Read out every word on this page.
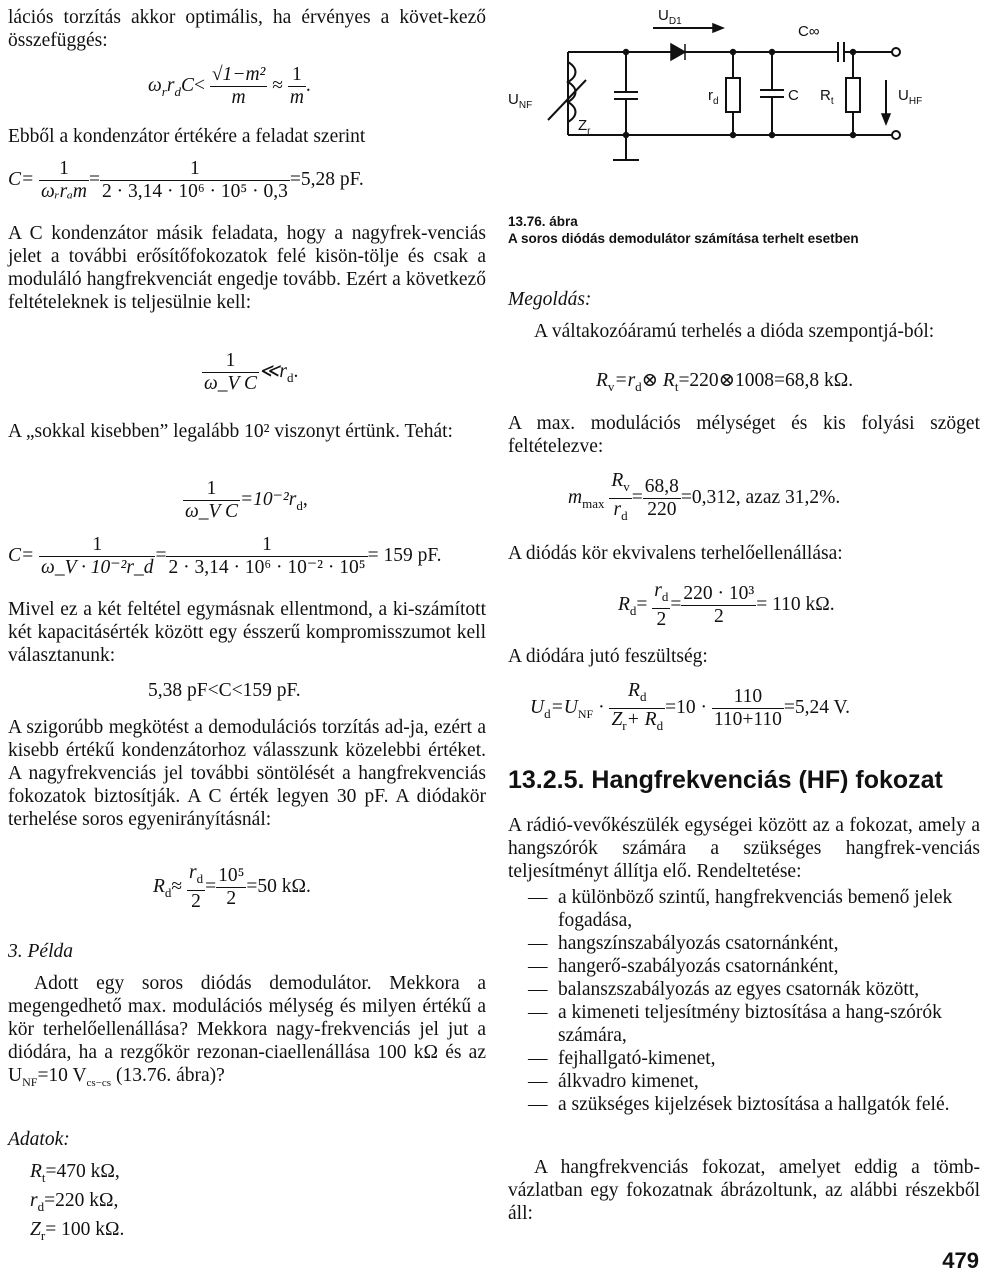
lációs torzítás akkor optimális, ha érvényes a követ-kező összefüggés:

$\omega_rr_dC< \frac{\text{√1−m²}}{m} \approx \frac{1}{m}$ .

Ebből a kondenzátor értékére a feladat szerint

$C= \frac{1}{\text{ωᵣrₐm}} = \frac{1}{\text{2 · 3,14 · 10⁶ · 10⁵ · 0,3}} =5,28$ pF.

A C kondenzátor másik feladata, hogy a nagyfrek-venciás jelet a további erősítőfokozatok felé kisön-tölje és csak a moduláló hangfrekvenciát engedje tovább. Ezért a következő feltételeknek is teljesülnie kell:

$\frac{1}{\text{ω\_V C}}$ $≪r_d$.

A „sokkal kisebben” legalább 10² viszonyt értünk. Tehát:

$\frac{1}{\text{ω\_V C}} =10^{-2}r_d$,
$C= \frac{1}{\text{ω\_V · 10⁻²r\_d}} = \frac{1}{\text{2 · 3,14 · 10⁶ · 10⁻² · 10⁵}} = 159$ pF.

Mivel ez a két feltétel egymásnak ellentmond, a ki-számított két kapacitásérték között egy ésszerű kompromisszumot kell választanunk:

5,38 pF<C<159 pF.

A szigorúbb megkötést a demodulációs torzítás ad-ja, ezért a kisebb értékű kondenzátorhoz válasszunk közelebbi értéket. A nagyfrekvenciás jel további söntölését a hangfrekvenciás fokozatok biztosítják. A C érték legyen 30 pF. A diódakör terhelése soros egyenirányításnál:

$R_d\approx \frac{r_d}{2} = \frac{\text{10⁵}}{2} =50$ kΩ.

3. Példa

Adott egy soros diódás demodulátor. Mekkora a megengedhető max. modulációs mélység és milyen értékű a kör terhelőellenállása? Mekkora nagy-frekvenciás jel jut a diódára, ha a rezgőkör rezonan-ciaellenállása 100 kΩ és az $U_{NF}=10$ $V_{cs-cs}$ (13.76. ábra)?

Adatok:

$R_t=470$ kΩ,
$r_d=220$ kΩ,
$Z_r= 100$ kΩ.
$U_{D1}$
C∞
$U_{NF}$
$Z_r$
$r_d$	C $R_t$	$U_{HF}$
13.76. ábra
A soros diódás demodulátor számítása terhelt esetben

Megoldás:

A váltakozóáramú terhelés a dióda szempontjá-ból:

$R_v=r_d\otimes$ $R_t=220\otimes 1008=68,8$ kΩ.

A max. modulációs mélységet és kis folyási szöget feltételezve:

$m_{max} \frac{R_v}{r_d} = \frac{68,8}{220} =0,312$, azaz 31,2%.

A diódás kör ekvivalens terhelőellenállása:

$R_d= \frac{r_d}{2} = \frac{\text{220 · 10³}}{2} = 110$ kΩ.

A diódára jutó feszültség:

$U_d=U_{NF} \cdot \frac{R_d}{Z_r+ R_d} =10 \cdot \frac{110}{110+110} =5,24$ V.
13.2.5. Hangfrekvenciás (HF) fokozat

A rádió-vevőkészülék egységei között az a fokozat, amely a hangszórók számára a szükséges hangfrek-venciás teljesítményt állítja elő. Rendeltetése:

— a különböző szintű, hangfrekvenciás bemenő jelek fogadása,
— hangszínszabályozás csatornánként,
— hangerő-szabályozás csatornánként,
— balanszszabályozás az egyes csatornák között,
— a kimeneti teljesítmény biztosítása a hang-szórók számára,
— fejhallgató-kimenet,
— álkvadro kimenet,
— a szükséges kijelzések biztosítása a hallgatók felé.

A hangfrekvenciás fokozat, amelyet eddig a tömb-vázlatban egy fokozatnak ábrázoltunk, az alábbi részekből áll:

479
